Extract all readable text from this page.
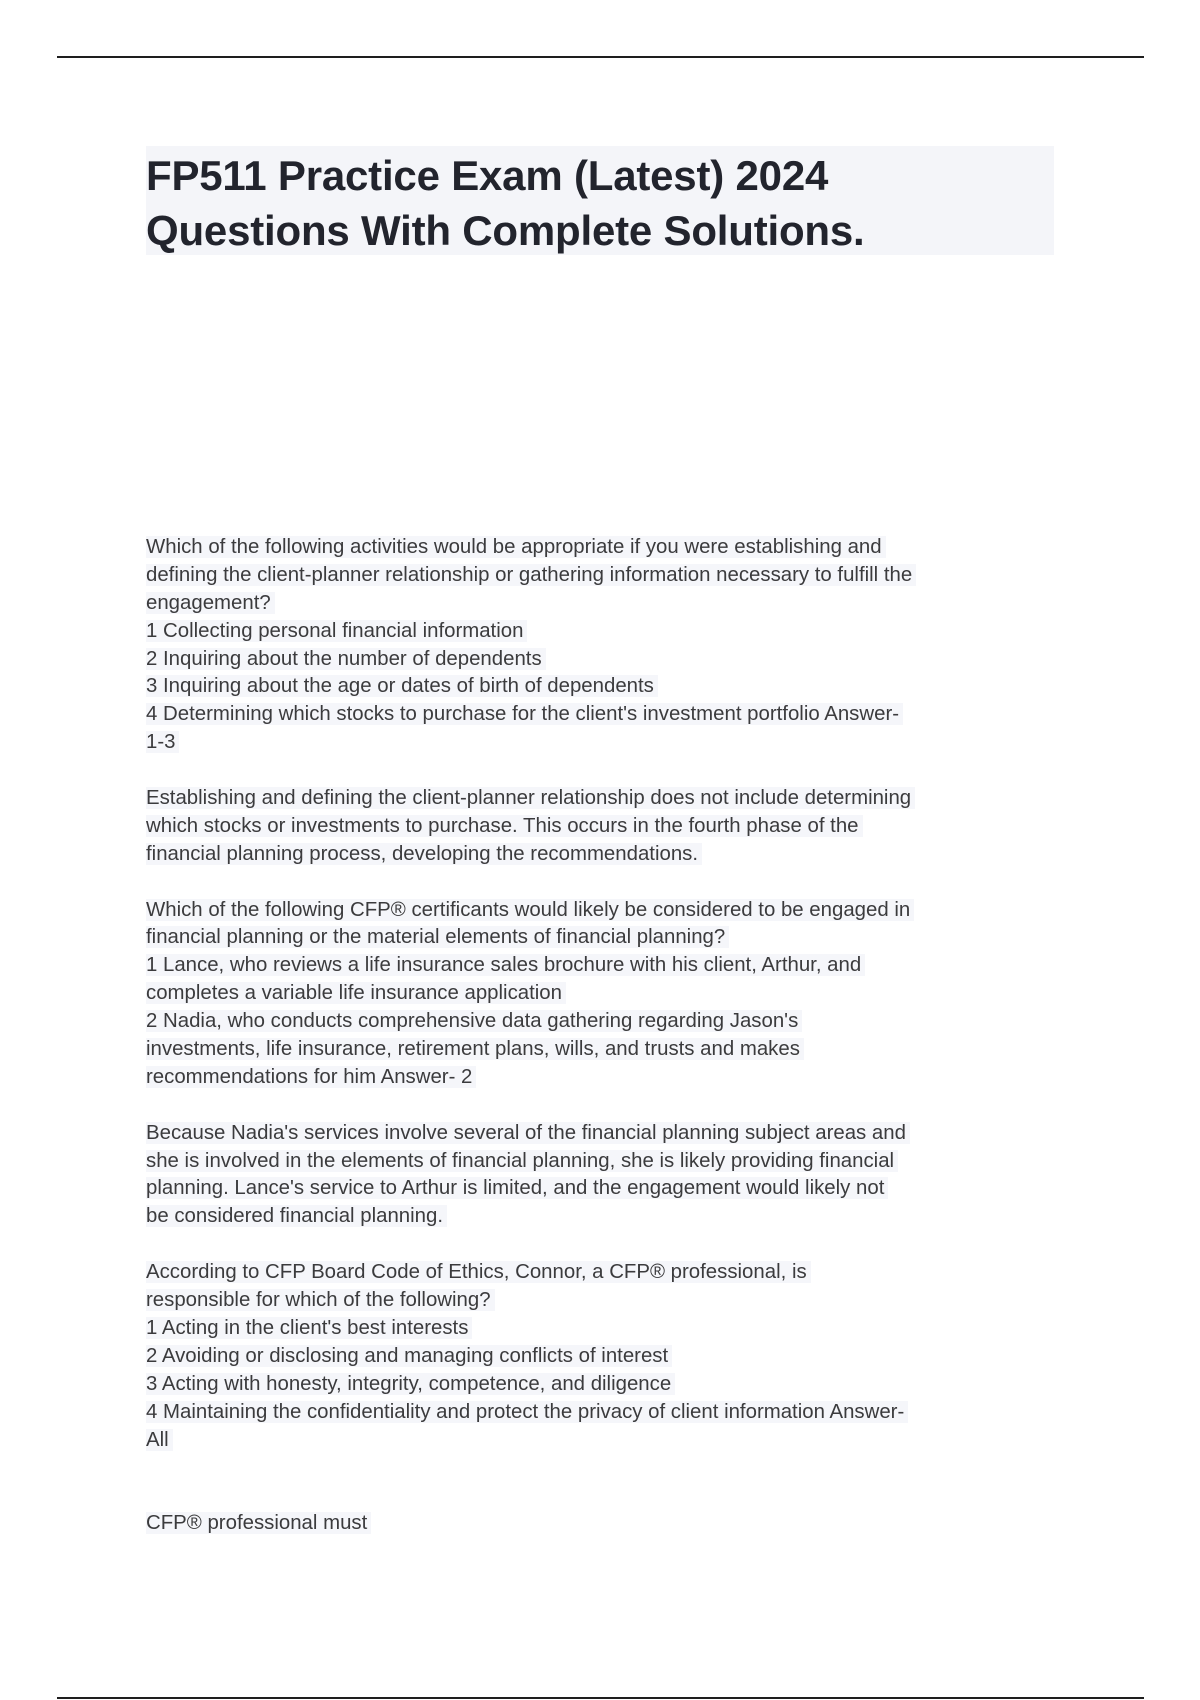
FP511 Practice Exam (Latest) 2024
Questions With Complete Solutions.
Which of the following activities would be appropriate if you were establishing and
defining the client-planner relationship or gathering information necessary to fulfill the
engagement?
1 Collecting personal financial information
2 Inquiring about the number of dependents
3 Inquiring about the age or dates of birth of dependents
4 Determining which stocks to purchase for the client's investment portfolio Answer-
1-3
Establishing and defining the client-planner relationship does not include determining
which stocks or investments to purchase. This occurs in the fourth phase of the
financial planning process, developing the recommendations.
Which of the following CFP® certificants would likely be considered to be engaged in
financial planning or the material elements of financial planning?
1 Lance, who reviews a life insurance sales brochure with his client, Arthur, and
completes a variable life insurance application
2 Nadia, who conducts comprehensive data gathering regarding Jason's
investments, life insurance, retirement plans, wills, and trusts and makes
recommendations for him Answer- 2
Because Nadia's services involve several of the financial planning subject areas and
she is involved in the elements of financial planning, she is likely providing financial
planning. Lance's service to Arthur is limited, and the engagement would likely not
be considered financial planning.
According to CFP Board Code of Ethics, Connor, a CFP® professional, is
responsible for which of the following?
1 Acting in the client's best interests
2 Avoiding or disclosing and managing conflicts of interest
3 Acting with honesty, integrity, competence, and diligence
4 Maintaining the confidentiality and protect the privacy of client information Answer-
All
CFP® professional must
